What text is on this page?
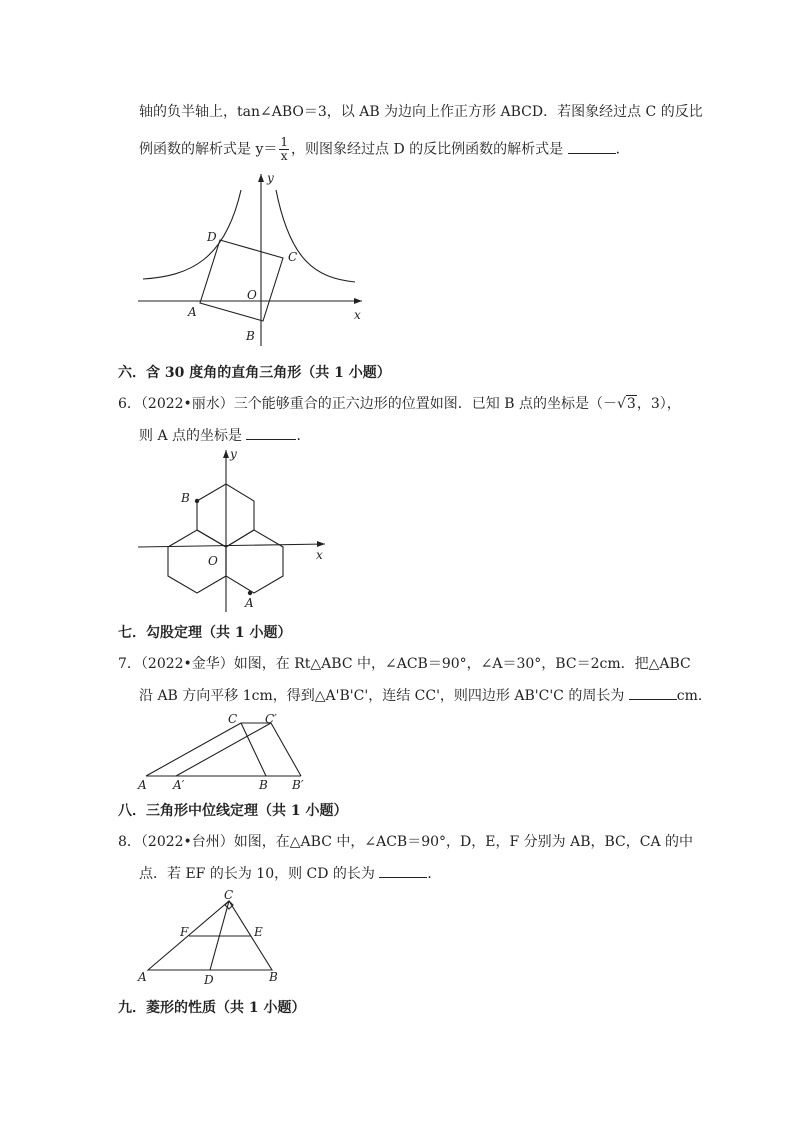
轴的负半轴上，tan∠ABO＝3，以 AB 为边向上作正方形 ABCD．若图象经过点 C 的反比
例函数的解析式是 $y= \frac{1}{x}$ ，则图象经过点 D 的反比例函数的解析式是	．
y
x
D
C
O
A
B
六．含 30 度角的直角三角形（共 1 小题）
6．（2022•丽水）三个能够重合的正六边形的位置如图．已知 B 点的坐标是（－√3，3），
则 A 点的坐标是	．
y
x
B
O
A
七．勾股定理（共 1 小题）
7．（2022•金华）如图，在 Rt△ABC 中，∠ACB＝90°，∠A＝30°，BC＝2cm．把△ABC
沿 AB 方向平移 1cm，得到△A'B'C'，连结 CC'，则四边形 AB'C'C 的周长为	cm．
C C′
A A′	B B′
八．三角形中位线定理（共 1 小题）
8．（2022•台州）如图，在△ABC 中，∠ACB＝90°，D，E，F 分别为 AB，BC，CA 的中
点．若 EF 的长为 10，则 CD 的长为	．
C
F	E
A	D	B
九．菱形的性质（共 1 小题）
